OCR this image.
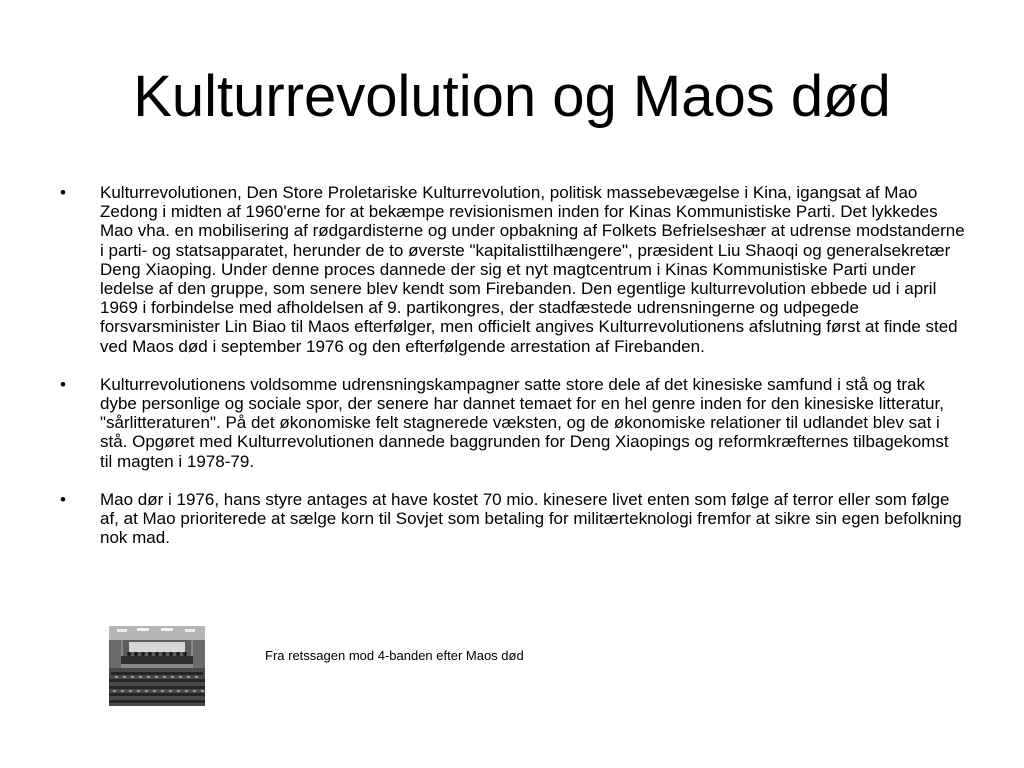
Kulturrevolution og Maos død
• Kulturrevolutionen, Den Store Proletariske Kulturrevolution, politisk massebevægelse i Kina, igangsat af Mao Zedong i midten af 1960'erne for at bekæmpe revisionismen inden for Kinas Kommunistiske Parti. Det lykkedes Mao vha. en mobilisering af rødgardisterne og under opbakning af Folkets Befrielseshær at udrense modstanderne i parti- og statsapparatet, herunder de to øverste "kapitalisttilhængere", præsident Liu Shaoqi og generalsekretær Deng Xiaoping. Under denne proces dannede der sig et nyt magtcentrum i Kinas Kommunistiske Parti under ledelse af den gruppe, som senere blev kendt som Firebanden. Den egentlige kulturrevolution ebbede ud i april 1969 i forbindelse med afholdelsen af 9. partikongres, der stadfæstede udrensningerne og udpegede forsvarsminister Lin Biao til Maos efterfølger, men officielt angives Kulturrevolutionens afslutning først at finde sted ved Maos død i september 1976 og den efterfølgende arrestation af Firebanden.
• Kulturrevolutionens voldsomme udrensningskampagner satte store dele af det kinesiske samfund i stå og trak dybe personlige og sociale spor, der senere har dannet temaet for en hel genre inden for den kinesiske litteratur, "sårlitteraturen". På det økonomiske felt stagnerede væksten, og de økonomiske relationer til udlandet blev sat i stå. Opgøret med Kulturrevolutionen dannede baggrunden for Deng Xiaopings og reformkræfternes tilbagekomst til magten i 1978-79.
• Mao dør i 1976, hans styre antages at have kostet 70 mio. kinesere livet enten som følge af terror eller som følge af, at Mao prioriterede at sælge korn til Sovjet som betaling for militærteknologi fremfor at sikre sin egen befolkning nok mad.
Fra retssagen mod 4-banden efter Maos død
